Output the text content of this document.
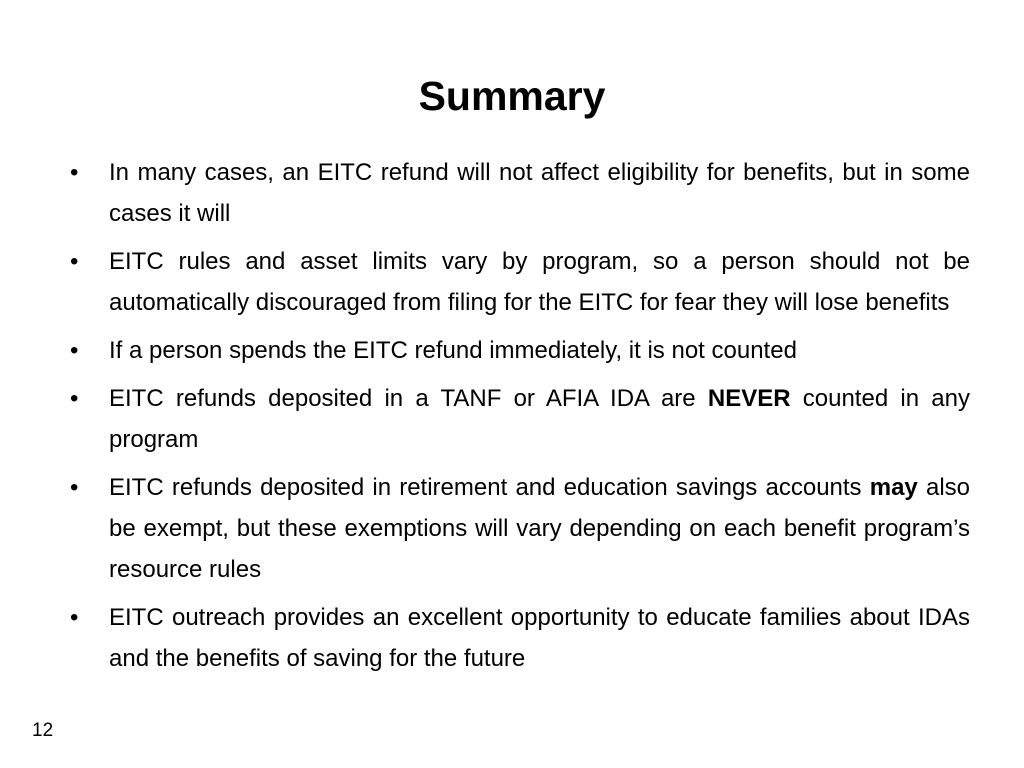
Summary
•	In many cases, an EITC refund will not affect eligibility for benefits, but in some cases it will
•	EITC rules and asset limits vary by program, so a person should not be automatically discouraged from filing for the EITC for fear they will lose benefits
•	If a person spends the EITC refund immediately, it is not counted
•	EITC refunds deposited in a TANF or AFIA IDA are NEVER counted in any program
•	EITC refunds deposited in retirement and education savings accounts may also be exempt, but these exemptions will vary depending on each benefit program’s resource rules
•	EITC outreach provides an excellent opportunity to educate families about IDAs and the benefits of saving for the future
12
